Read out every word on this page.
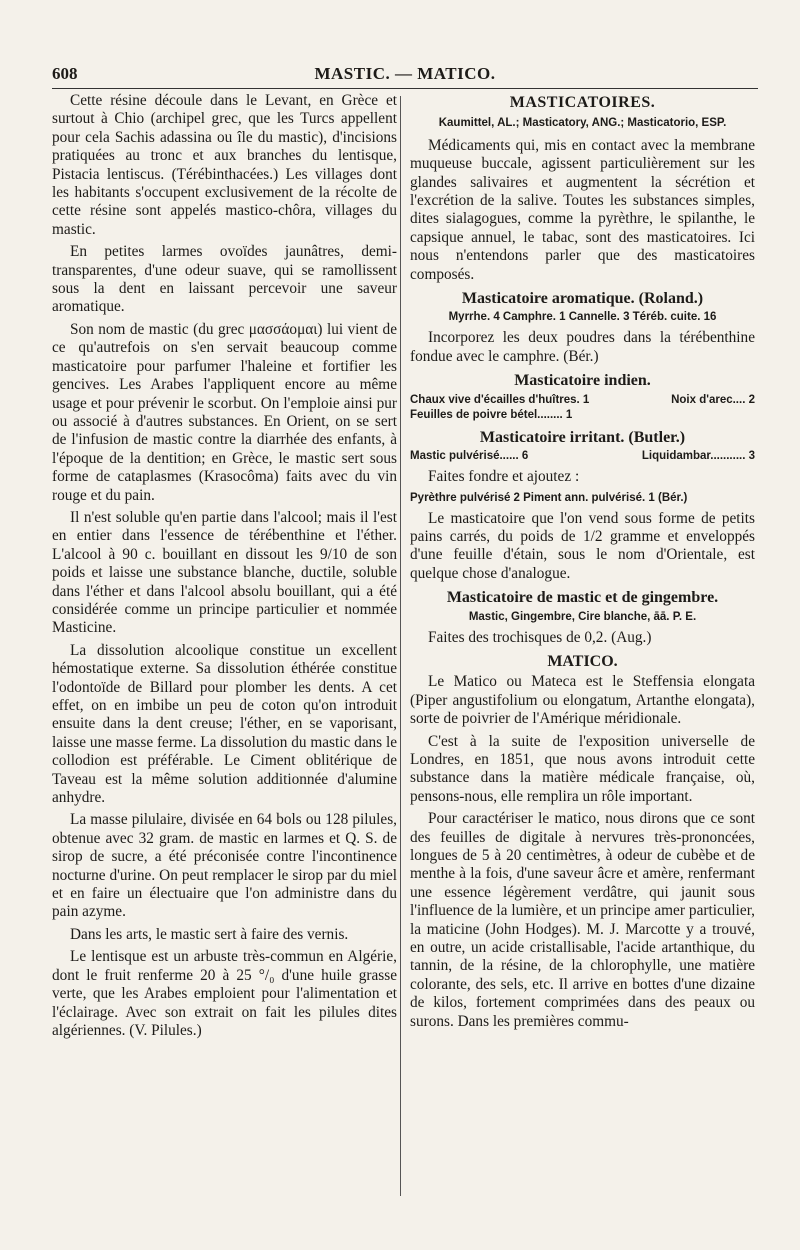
608	MASTIC. — MATICO.

Cette résine découle dans le Levant, en Grèce et surtout à Chio (archipel grec, que les Turcs appellent pour cela Sachis adassina ou île du mastic), d'incisions pratiquées au tronc et aux branches du lentisque, Pistacia lentiscus. (Térébinthacées.) Les villages dont les habitants s'occupent exclusivement de la récolte de cette résine sont appelés mastico-chôra, villages du mastic.

En petites larmes ovoïdes jaunâtres, demi-transparentes, d'une odeur suave, qui se ramollissent sous la dent en laissant percevoir une saveur aromatique.

Son nom de mastic (du grec μασσάομαι) lui vient de ce qu'autrefois on s'en servait beaucoup comme masticatoire pour parfumer l'haleine et fortifier les gencives. Les Arabes l'appliquent encore au même usage et pour prévenir le scorbut. On l'emploie ainsi pur ou associé à d'autres substances. En Orient, on se sert de l'infusion de mastic contre la diarrhée des enfants, à l'époque de la dentition; en Grèce, le mastic sert sous forme de cataplasmes (Krasocôma) faits avec du vin rouge et du pain.

Il n'est soluble qu'en partie dans l'alcool; mais il l'est en entier dans l'essence de térébenthine et l'éther. L'alcool à 90 c. bouillant en dissout les 9/10 de son poids et laisse une substance blanche, ductile, soluble dans l'éther et dans l'alcool absolu bouillant, qui a été considérée comme un principe particulier et nommée Masticine.

La dissolution alcoolique constitue un excellent hémostatique externe. Sa dissolution éthérée constitue l'odontoïde de Billard pour plomber les dents. A cet effet, on en imbibe un peu de coton qu'on introduit ensuite dans la dent creuse; l'éther, en se vaporisant, laisse une masse ferme. La dissolution du mastic dans le collodion est préférable. Le Ciment oblitérique de Taveau est la même solution additionnée d'alumine anhydre.

La masse pilulaire, divisée en 64 bols ou 128 pilules, obtenue avec 32 gram. de mastic en larmes et Q. S. de sirop de sucre, a été préconisée contre l'incontinence nocturne d'urine. On peut remplacer le sirop par du miel et en faire un électuaire que l'on administre dans du pain azyme.

Dans les arts, le mastic sert à faire des vernis.

Le lentisque est un arbuste très-commun en Algérie, dont le fruit renferme 20 à 25 °/₀ d'une huile grasse verte, que les Arabes emploient pour l'alimentation et l'éclairage. Avec son extrait on fait les pilules dites algériennes. (V. Pilules.)

MASTICATOIRES.
Kaumittel, AL.; Masticatory, ANG.; Masticatorio, ESP.

Médicaments qui, mis en contact avec la membrane muqueuse buccale, agissent particulièrement sur les glandes salivaires et augmentent la sécrétion et l'excrétion de la salive. Toutes les substances simples, dites sialagogues, comme la pyrèthre, le spilanthe, le capsique annuel, le tabac, sont des masticatoires. Ici nous n'entendons parler que des masticatoires composés.

Masticatoire aromatique. (Roland.)
Myrrhe. 4 Camphre. 1 Cannelle. 3 Téréb. cuite. 16

Incorporez les deux poudres dans la térébenthine fondue avec le camphre. (Bér.)

Masticatoire indien.
Chaux vive d'écailles d'huîtres. 1	Noix d'arec.... 2
Feuilles de poivre bétel........ 1
Masticatoire irritant. (Butler.)
Mastic pulvérisé...... 6	Liquidambar........... 3

Faites fondre et ajoutez :

Pyrèthre pulvérisé 2 Piment ann. pulvérisé. 1 (Bér.)

Le masticatoire que l'on vend sous forme de petits pains carrés, du poids de 1/2 gramme et enveloppés d'une feuille d'étain, sous le nom d'Orientale, est quelque chose d'analogue.

Masticatoire de mastic et de gingembre.
Mastic, Gingembre, Cire blanche, āā. P. E.

Faites des trochisques de 0,2. (Aug.)

MATICO.

Le Matico ou Mateca est le Steffensia elongata (Piper angustifolium ou elongatum, Artanthe elongata), sorte de poivrier de l'Amérique méridionale.

C'est à la suite de l'exposition universelle de Londres, en 1851, que nous avons introduit cette substance dans la matière médicale française, où, pensons-nous, elle remplira un rôle important.

Pour caractériser le matico, nous dirons que ce sont des feuilles de digitale à nervures très-prononcées, longues de 5 à 20 centimètres, à odeur de cubèbe et de menthe à la fois, d'une saveur âcre et amère, renfermant une essence légèrement verdâtre, qui jaunit sous l'influence de la lumière, et un principe amer particulier, la maticine (John Hodges). M. J. Marcotte y a trouvé, en outre, un acide cristallisable, l'acide artanthique, du tannin, de la résine, de la chlorophylle, une matière colorante, des sels, etc. Il arrive en bottes d'une dizaine de kilos, fortement comprimées dans des peaux ou surons. Dans les premières commu-
